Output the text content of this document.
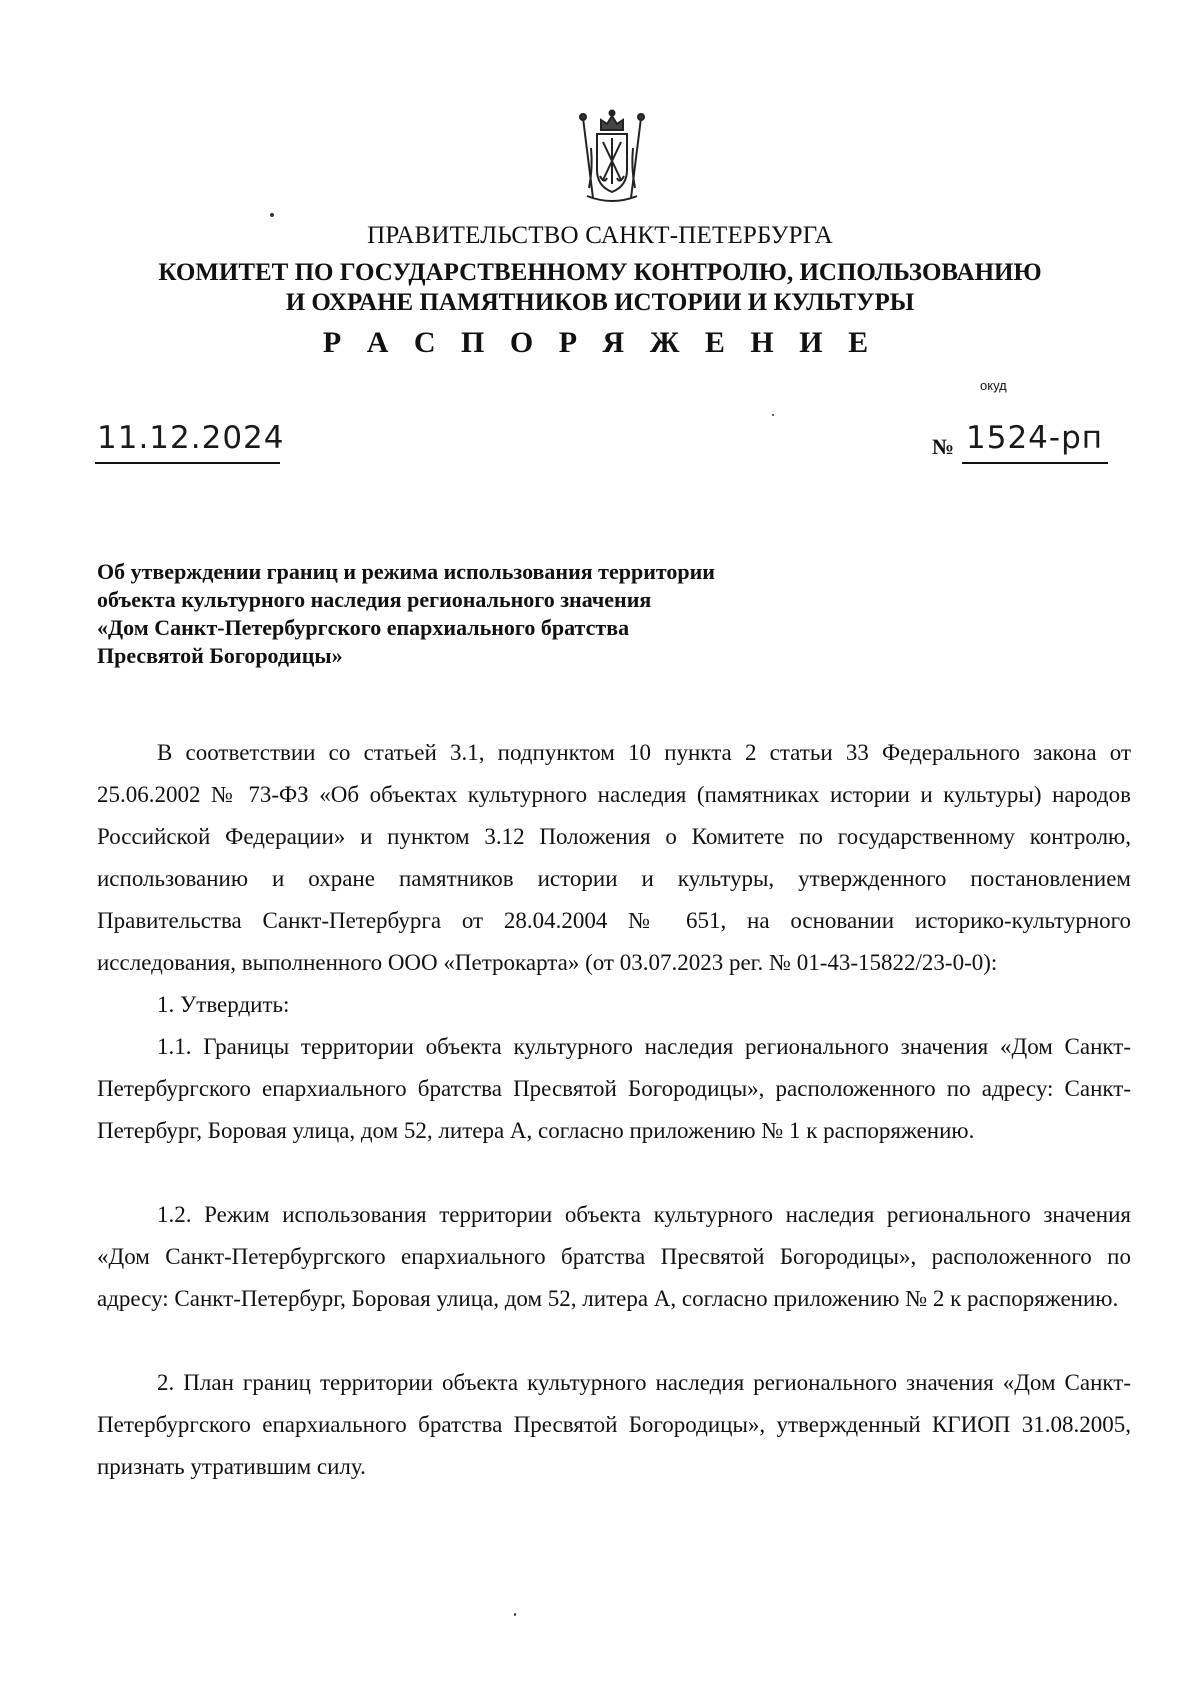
ПРАВИТЕЛЬСТВО САНКТ-ПЕТЕРБУРГА
КОМИТЕТ ПО ГОСУДАРСТВЕННОМУ КОНТРОЛЮ, ИСПОЛЬЗОВАНИЮ
И ОХРАНЕ ПАМЯТНИКОВ ИСТОРИИ И КУЛЬТУРЫ
Р А С П О Р Я Ж Е Н И Е
окуд
11.12.2024	№ 1524-рп
Об утверждении границ и режима использования территории
объекта культурного наследия регионального значения
«Дом Санкт-Петербургского епархиального братства
Пресвятой Богородицы»
В соответствии со статьей 3.1, подпунктом 10 пункта 2 статьи 33 Федерального закона от 25.06.2002 № 73-ФЗ «Об объектах культурного наследия (памятниках истории и культуры) народов Российской Федерации» и пунктом 3.12 Положения о Комитете по государственному контролю, использованию и охране памятников истории и культуры, утвержденного постановлением Правительства Санкт-Петербурга от 28.04.2004 № 651, на основании историко-культурного исследования, выполненного ООО «Петрокарта» (от 03.07.2023 рег. № 01-43-15822/23-0-0):
1. Утвердить:
1.1. Границы территории объекта культурного наследия регионального значения «Дом Санкт-Петербургского епархиального братства Пресвятой Богородицы», расположенного по адресу: Санкт-Петербург, Боровая улица, дом 52, литера А, согласно приложению № 1 к распоряжению.
1.2. Режим использования территории объекта культурного наследия регионального значения «Дом Санкт-Петербургского епархиального братства Пресвятой Богородицы», расположенного по адресу: Санкт-Петербург, Боровая улица, дом 52, литера А, согласно приложению № 2 к распоряжению.
2. План границ территории объекта культурного наследия регионального значения «Дом Санкт-Петербургского епархиального братства Пресвятой Богородицы», утвержденный КГИОП 31.08.2005, признать утратившим силу.
